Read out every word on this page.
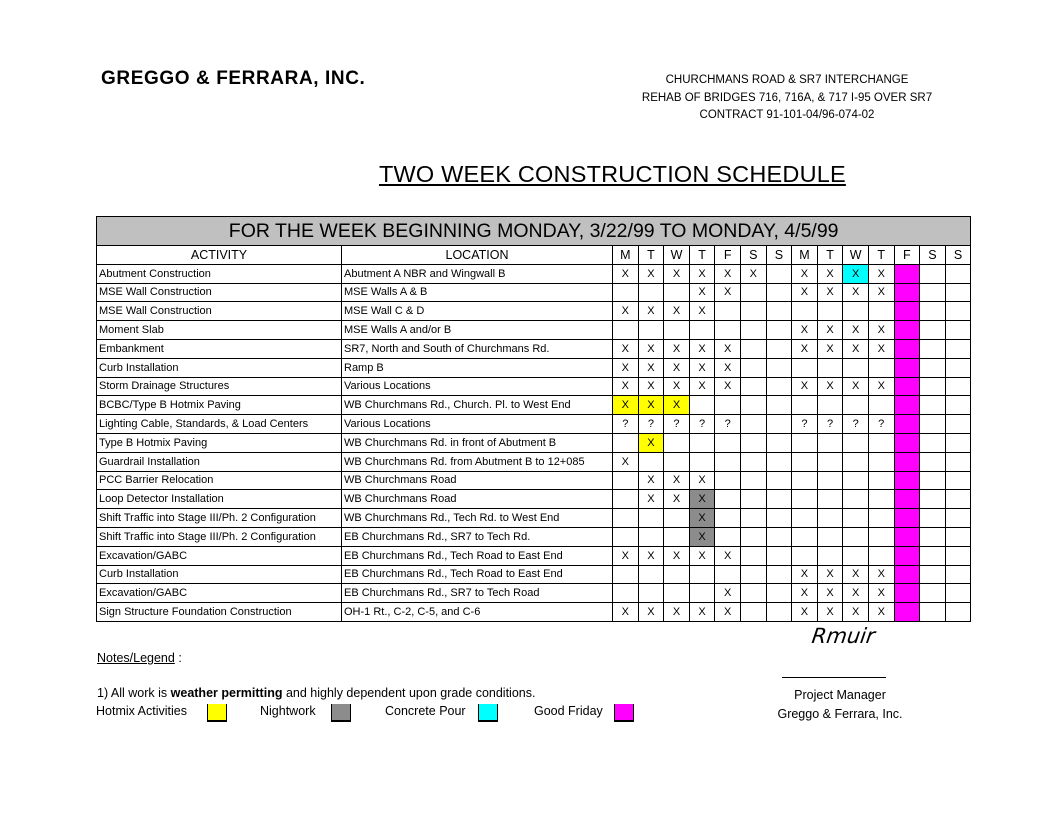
GREGGO & FERRARA, INC.	CHURCHMANS ROAD & SR7 INTERCHANGE
REHAB OF BRIDGES 716, 716A, & 717 I-95 OVER SR7
CONTRACT 91-101-04/96-074-02
TWO WEEK CONSTRUCTION SCHEDULE
FOR THE WEEK BEGINNING MONDAY, 3/22/99 TO MONDAY, 4/5/99															
ACTIVITY	LOCATION	M	T	W	T	F	S	S	M	T	W	T	F	S	S
Abutment Construction	Abutment A NBR and Wingwall B	X	X	X	X	X	X		X	X	X	X			
MSE Wall Construction	MSE Walls A & B				X	X			X	X	X	X			
MSE Wall Construction	MSE Wall C & D	X	X	X	X										
Moment Slab	MSE Walls A and/or B								X	X	X	X			
Embankment	SR7, North and South of Churchmans Rd.	X	X	X	X	X			X	X	X	X			
Curb Installation	Ramp B	X	X	X	X	X									
Storm Drainage Structures	Various Locations	X	X	X	X	X			X	X	X	X			
BCBC/Type B Hotmix Paving	WB Churchmans Rd., Church. Pl. to West End	X	X	X											
Lighting Cable, Standards, & Load Centers	Various Locations	?	?	?	?	?			?	?	?	?			
Type B Hotmix Paving	WB Churchmans Rd. in front of Abutment B		X												
Guardrail Installation	WB Churchmans Rd. from Abutment B to 12+085	X													
PCC Barrier Relocation	WB Churchmans Road		X	X	X										
Loop Detector Installation	WB Churchmans Road		X	X	X										
Shift Traffic into Stage III/Ph. 2 Configuration	WB Churchmans Rd., Tech Rd. to West End				X										
Shift Traffic into Stage III/Ph. 2 Configuration	EB Churchmans Rd., SR7 to Tech Rd.				X										
Excavation/GABC	EB Churchmans Rd., Tech Road to East End	X	X	X	X	X									
Curb Installation	EB Churchmans Rd., Tech Road to East End								X	X	X	X			
Excavation/GABC	EB Churchmans Rd., SR7 to Tech Road					X			X	X	X	X			
Sign Structure Foundation Construction	OH-1 Rt., C-2, C-5, and C-6	X	X	X	X	X			X	X	X	X			
Rmuir
Project Manager
Greggo & Ferrara, Inc.
Notes/Legend :
1) All work is weather permitting and highly dependent upon grade conditions.
Hotmix Activities	Nightwork	Concrete Pour	Good Friday
